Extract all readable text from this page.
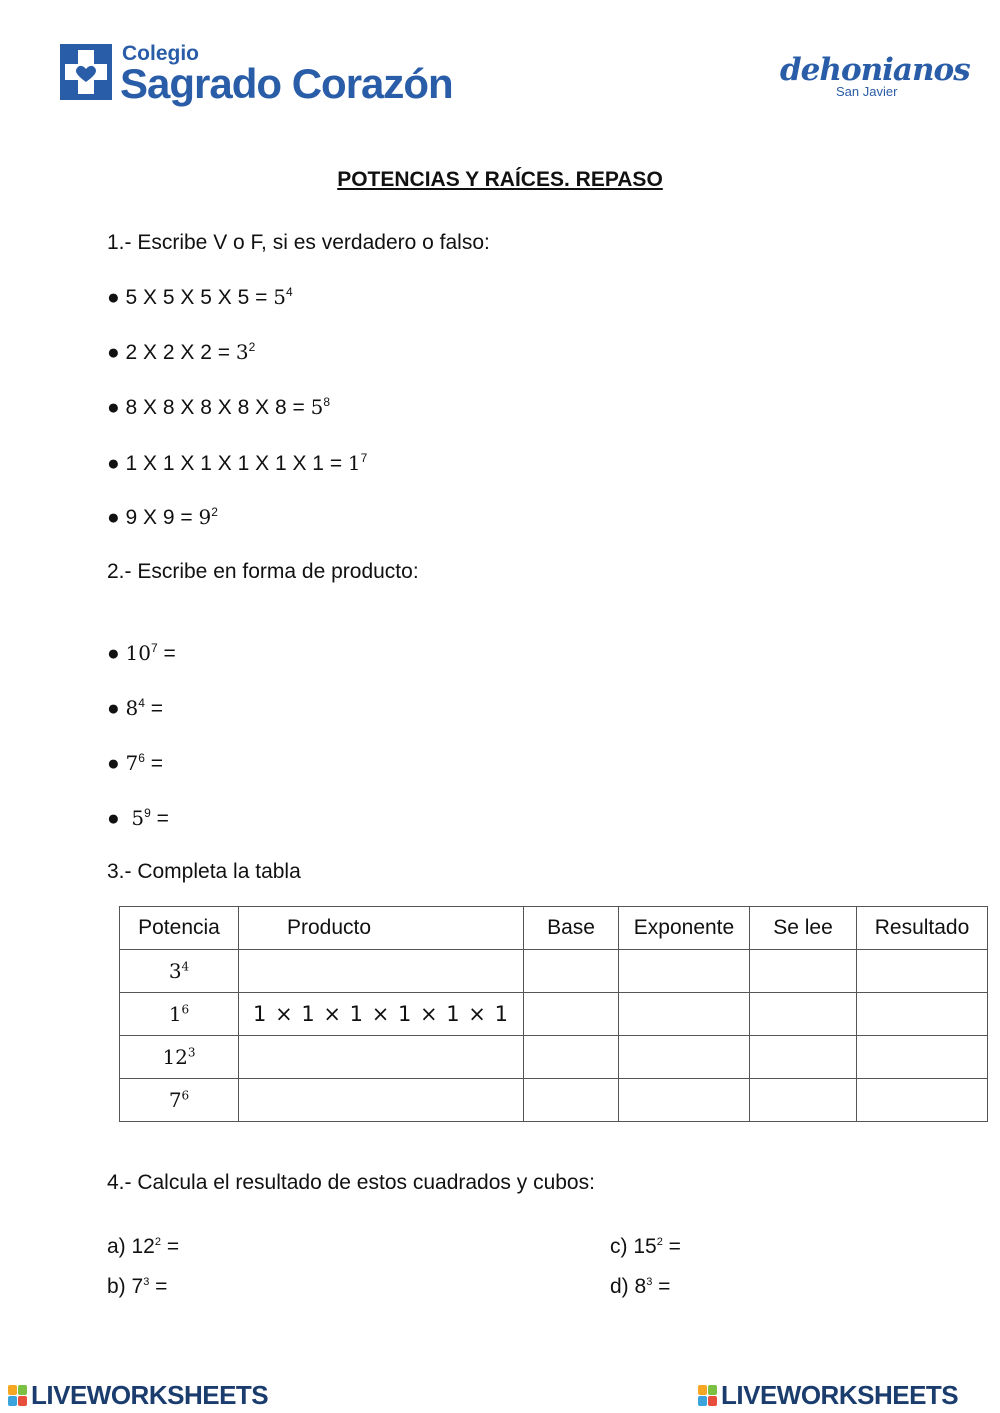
Colegio
Sagrado Corazón	dehonianos
San Javier
POTENCIAS Y RAÍCES. REPASO
1.- Escribe V o F, si es verdadero o falso:
● 5 X 5 X 5 X $5 = 5^4$
● 2 X 2 X $2 = 3^2$
● 8 X 8 X 8 X 8 X $8 = 5^8$
● 1 X 1 X 1 X 1 X 1 X $1 = 1^7$
● 9 X $9 = 9^2$
2.- Escribe en forma de producto:
● $10^7$ =
● $8^4$ =
● $7^6$ =
● $5^9$ =
3.- Completa la tabla
Potencia	Producto	Base	Exponente	Se lee	Resultado
$3^4$					
$1^6$	1 × 1 × 1 × 1 × 1 × 1				
$12^3$					
$7^6$					
4.- Calcula el resultado de estos cuadrados y cubos:
a) $12^2$ =	c) $15^2$ =
b) $7^3$ =	d) $8^3$ =
LIVEWORKSHEETS	LIVEWORKSHEETS
